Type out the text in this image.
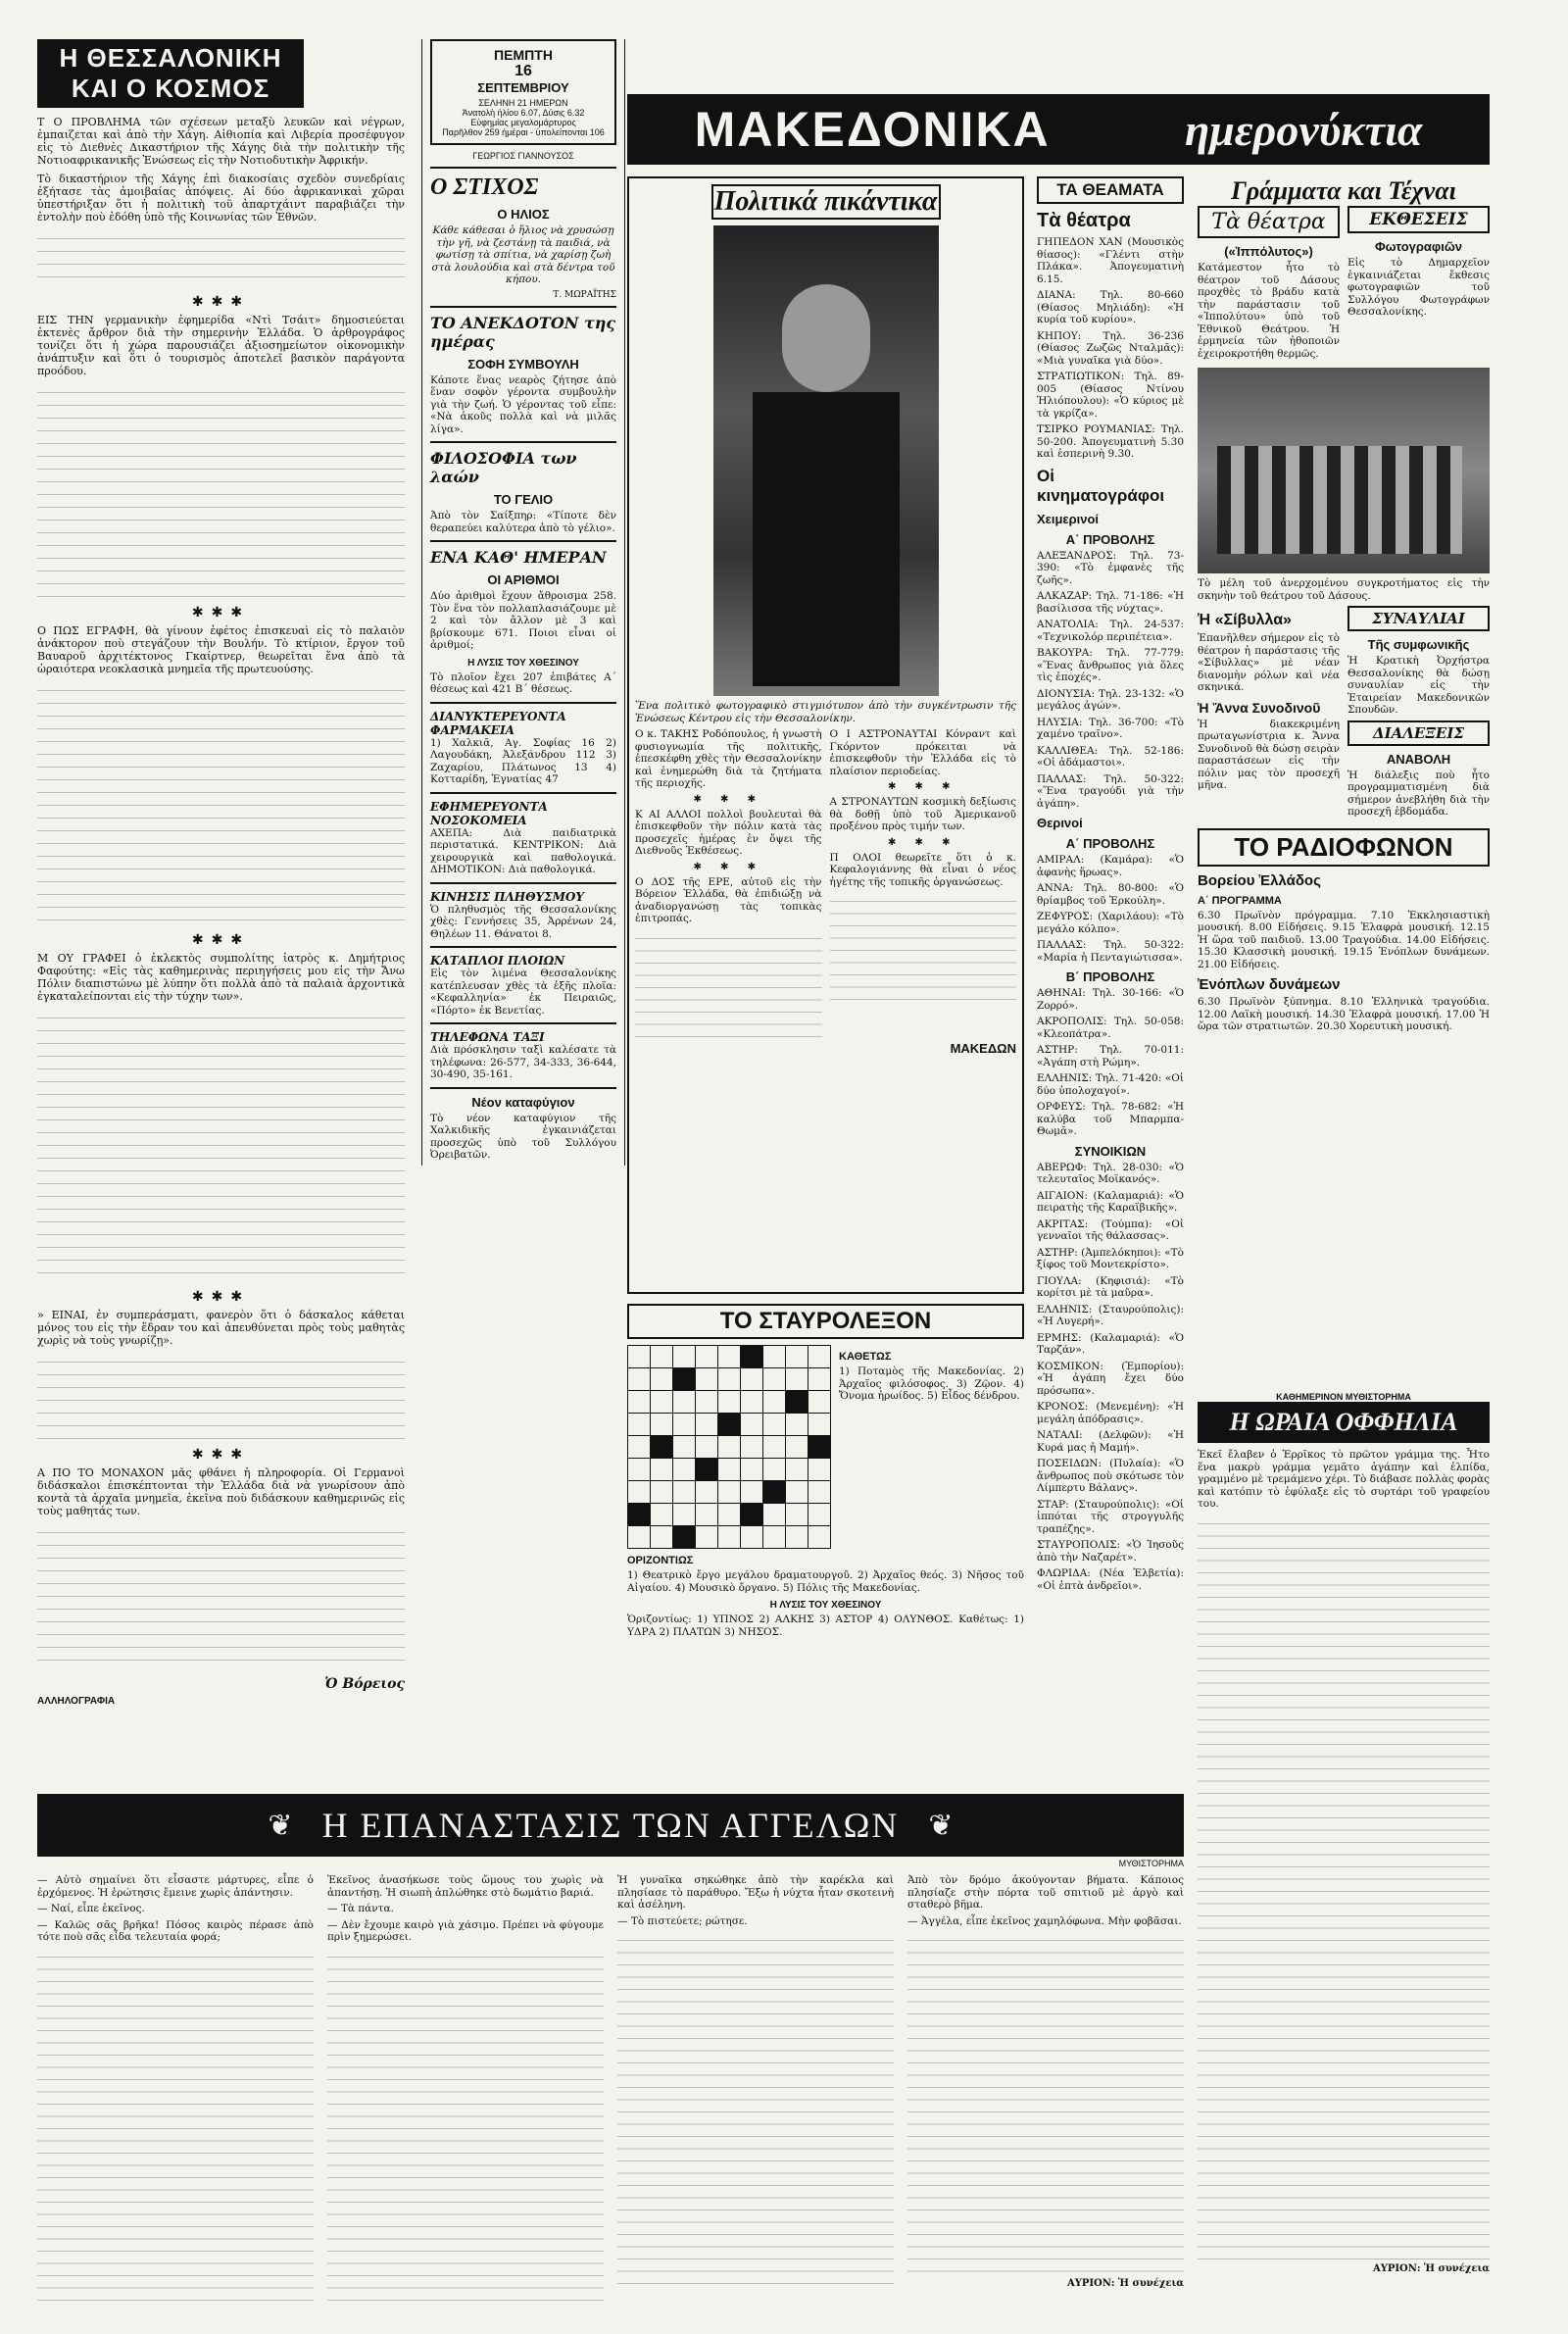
Η ΘΕΣΣΑΛΟΝΙΚΗ
ΚΑΙ Ο ΚΟΣΜΟΣ

Τ Ο ΠΡΟΒΛΗΜΑ τῶν σχέσεων μεταξὺ λευκῶν καὶ νέγρων, ἐμπαιζεται καὶ ἀπὸ τὴν Χάγη. Αἰθιοπία καὶ Λιβερία προσέφυγον εἰς τὸ Διεθνὲς Δικαστήριον τῆς Χάγης διὰ τὴν πολιτικὴν τῆς Νοτιοαφρικανικῆς Ἑνώσεως εἰς τὴν Νοτιοδυτικὴν Ἀφρικήν.

Τὸ δικαστήριον τῆς Χάγης ἐπὶ διακοσίαις σχεδὸν συνεδρίαις ἐξήτασε τὰς ἀμοιβαίας ἀπόψεις. Αἱ δύο ἀφρικανικαὶ χῶραι ὑπεστήριξαν ὅτι ἡ πολιτικὴ τοῦ ἀπαρτχάιντ παραβιάζει τὴν ἐντολὴν ποὺ ἐδόθη ὑπὸ τῆς Κοινωνίας τῶν Ἐθνῶν.

✱✱✱

ΕΙΣ ΤΗΝ γερμανικὴν ἐφημερίδα «Ντὶ Τσάιτ» δημοσιεύεται ἐκτενὲς ἄρθρον διὰ τὴν σημερινὴν Ἑλλάδα. Ὁ ἀρθρογράφος τονίζει ὅτι ἡ χώρα παρουσιάζει ἀξιοσημείωτον οἰκονομικὴν ἀνάπτυξιν καὶ ὅτι ὁ τουρισμὸς ἀποτελεῖ βασικὸν παράγοντα προόδου.

✱✱✱

Ο ΠΩΣ ΕΓΡΑΦΗ, θὰ γίνουν ἐφέτος ἐπισκευαὶ εἰς τὸ παλαιὸν ἀνάκτορον ποὺ στεγάζουν τὴν Βουλήν. Τὸ κτίριον, ἔργον τοῦ Βαυαροῦ ἀρχιτέκτονος Γκαίρτνερ, θεωρεῖται ἕνα ἀπὸ τὰ ὡραιότερα νεοκλασικὰ μνημεῖα τῆς πρωτευούσης.

✱✱✱

Μ ΟΥ ΓΡΑΦΕΙ ὁ ἐκλεκτὸς συμπολίτης ἰατρὸς κ. Δημήτριος Φαφούτης: «Εἰς τὰς καθημερινὰς περιηγήσεις μου εἰς τὴν Ἄνω Πόλιν διαπιστώνω μὲ λύπην ὅτι πολλὰ ἀπὸ τὰ παλαιὰ ἀρχοντικὰ ἐγκαταλείπονται εἰς τὴν τύχην των».

✱✱✱

» ΕΙΝΑΙ, ἐν συμπεράσματι, φανερὸν ὅτι ὁ δάσκαλος κάθεται μόνος του εἰς τὴν ἕδραν του καὶ ἀπευθύνεται πρὸς τοὺς μαθητὰς χωρὶς νὰ τοὺς γνωρίζῃ».

✱✱✱

Α ΠΟ ΤΟ ΜΟΝΑΧΟΝ μᾶς φθάνει ἡ πληροφορία. Οἱ Γερμανοὶ διδάσκαλοι ἐπισκέπτονται τὴν Ἑλλάδα διὰ νὰ γνωρίσουν ἀπὸ κοντὰ τὰ ἀρχαῖα μνημεῖα, ἐκεῖνα ποὺ διδάσκουν καθημερινῶς εἰς τοὺς μαθητάς των.

Ὁ Βόρειος
ΑΛΛΗΛΟΓΡΑΦΙΑ
ΠΕΜΠΤΗ
16
ΣΕΠΤΕΜΒΡΙΟΥ
ΣΕΛΗΝΗ 21 ΗΜΕΡΩΝ
Ἀνατολὴ ἡλίου 6.07, Δύσις 6.32
Εὐφημίας μεγαλομάρτυρος
Παρῆλθον 259 ἡμέραι - ὑπολείπονται 106
ΓΕΩΡΓΙΟΣ ΓΙΑΝΝΟΥΣΟΣ
Ο ΣΤΙΧΟΣ
Ο ΗΛΙΟΣ

Κάθε κάθεσαι ὁ ἥλιος νὰ χρυσώσῃ τὴν γῆ, νὰ ζεστάνῃ τὰ παιδιά, νὰ φωτίσῃ τὰ σπίτια, νὰ χαρίσῃ ζωὴ στὰ λουλούδια καὶ στὰ δέντρα τοῦ κήπου.

Τ. ΜΩΡΑΪΤΗΣ
ΤΟ ΑΝΕΚΔΟΤΟΝ της ημέρας
ΣΟΦΗ ΣΥΜΒΟΥΛΗ

Κάποτε ἕνας νεαρὸς ζήτησε ἀπὸ ἕναν σοφὸν γέροντα συμβουλὴν γιὰ τὴν ζωή. Ὁ γέροντας τοῦ εἶπε: «Νὰ ἀκοῦς πολλὰ καὶ νὰ μιλᾶς λίγα».

ΦΙΛΟΣΟΦΙΑ των λαών
ΤΟ ΓΕΛΙΟ

Ἀπὸ τὸν Σαίξπηρ: «Τίποτε δὲν θεραπεύει καλύτερα ἀπὸ τὸ γέλιο».

ΕΝΑ ΚΑΘ' ΗΜΕΡΑΝ
ΟΙ ΑΡΙΘΜΟΙ

Δύο ἀριθμοὶ ἔχουν ἄθροισμα 258. Τὸν ἕνα τὸν πολλαπλασιάζουμε μὲ 2 καὶ τὸν ἄλλον μὲ 3 καὶ βρίσκουμε 671. Ποιοι εἶναι οἱ ἀριθμοί;

Η ΛΥΣΙΣ ΤΟΥ ΧΘΕΣΙΝΟΥ

Τὸ πλοῖον ἔχει 207 ἐπιβάτες Α΄ θέσεως καὶ 421 Β΄ θέσεως.

ΔΙΑΝΥΚΤΕΡΕΥΟΝΤΑ ΦΑΡΜΑΚΕΙΑ

1) Χαλκιᾶ, Αγ. Σοφίας 16 2) Λαγουδάκη, Ἀλεξάνδρου 112 3) Ζαχαρίου, Πλάτωνος 13 4) Κοτταρίδη, Ἐγνατίας 47

ΕΦΗΜΕΡΕΥΟΝΤΑ ΝΟΣΟΚΟΜΕΙΑ

ΑΧΕΠΑ: Διὰ παιδιατρικὰ περιστατικά. ΚΕΝΤΡΙΚΟΝ: Διὰ χειρουργικὰ καὶ παθολογικά. ΔΗΜΟΤΙΚΟΝ: Διὰ παθολογικά.

ΚΙΝΗΣΙΣ ΠΛΗΘΥΣΜΟΥ

Ὁ πληθυσμὸς τῆς Θεσσαλονίκης χθὲς: Γεννήσεις 35, Ἀρρένων 24, Θηλέων 11. Θάνατοι 8.

ΚΑΤΑΠΛΟΙ ΠΛΟΙΩΝ

Εἰς τὸν λιμένα Θεσσαλονίκης κατέπλευσαν χθὲς τὰ ἑξῆς πλοῖα: «Κεφαλληνία» ἐκ Πειραιῶς, «Πόρτο» ἐκ Βενετίας.

ΤΗΛΕΦΩΝΑ ΤΑΞΙ

Διὰ πρόσκλησιν ταξὶ καλέσατε τὰ τηλέφωνα: 26-577, 34-333, 36-644, 30-490, 35-161.

Νέον καταφύγιον

Τὸ νέον καταφύγιον τῆς Χαλκιδικῆς ἐγκαινιάζεται προσεχῶς ὑπὸ τοῦ Συλλόγου Ὀρειβατῶν.

ΜΑΚΕΔΟΝΙΚΑ	ημερονύκτια
Πολιτικά πικάντικα

Ἕνα πολιτικὸ φωτογραφικὸ στιγμιότυπον ἀπὸ τὴν συγκέντρωσιν τῆς Ἑνώσεως Κέντρου εἰς τὴν Θεσσαλονίκην.

Ο κ. ΤΑΚΗΣ Ροδόπουλος, ἡ γνωστὴ φυσιογνωμία τῆς πολιτικῆς, ἐπεσκέφθη χθὲς τὴν Θεσσαλονίκην καὶ ἐνημερώθη διὰ τὰ ζητήματα τῆς περιοχῆς.

✱ ✱ ✱

Κ ΑΙ ΑΛΛΟΙ πολλοὶ βουλευταὶ θὰ ἐπισκεφθοῦν τὴν πόλιν κατὰ τὰς προσεχεῖς ἡμέρας ἐν ὄψει τῆς Διεθνοῦς Ἐκθέσεως.

✱ ✱ ✱

Ο ΔΟΣ τῆς ΕΡΕ, αὐτοῦ εἰς τὴν Βόρειον Ἑλλάδα, θὰ ἐπιδιώξῃ νὰ ἀναδιοργανώσῃ τὰς τοπικὰς ἐπιτροπάς.

Ο Ι ΑΣΤΡΟΝΑΥΤΑΙ Κόνραντ καὶ Γκόρντον πρόκειται νὰ ἐπισκεφθοῦν τὴν Ἑλλάδα εἰς τὸ πλαίσιον περιοδείας.

✱ ✱ ✱

Α ΣΤΡΟΝΑΥΤΩΝ κοσμικὴ δεξίωσις θὰ δοθῇ ὑπὸ τοῦ Ἀμερικανοῦ προξένου πρὸς τιμήν των.

✱ ✱ ✱

Π ΟΛΟΙ θεωρεῖτε ὅτι ὁ κ. Κεφαλογιάννης θὰ εἶναι ὁ νέος ἡγέτης τῆς τοπικῆς ὀργανώσεως.

ΜΑΚΕΔΩΝ
ΤΟ ΣΤΑΥΡΟΛΕΞΟΝ

ΚΑΘΕΤΩΣ

1) Ποταμὸς τῆς Μακεδονίας. 2) Ἀρχαῖος φιλόσοφος. 3) Ζῷον. 4) Ὄνομα ἡρωίδος. 5) Εἶδος δένδρου.

ΟΡΙΖΟΝΤΙΩΣ

1) Θεατρικὸ ἔργο μεγάλου δραματουργοῦ. 2) Ἀρχαῖος θεός. 3) Νῆσος τοῦ Αἰγαίου. 4) Μουσικὸ ὄργανο. 5) Πόλις τῆς Μακεδονίας.

Η ΛΥΣΙΣ ΤΟΥ ΧΘΕΣΙΝΟΥ

Ὁριζοντίως: 1) ΥΠΝΟΣ 2) ΑΛΚΗΣ 3) ΑΣΤΟΡ 4) ΟΛΥΝΘΟΣ. Καθέτως: 1) ΥΔΡΑ 2) ΠΛΑΤΩΝ 3) ΝΗΣΟΣ.

ΤΑ ΘΕΑΜΑΤΑ
Τὰ θέατρα

ΓΗΠΕΔΟΝ ΧΑΝ (Μουσικὸς θίασος): «Γλέντι στὴν Πλάκα». Ἀπογευματινὴ 6.15.

ΔΙΑΝΑ: Τηλ. 80-660 (Θίασος Μηλιάδη): «Ἡ κυρία τοῦ κυρίου».

ΚΗΠΟΥ: Τηλ. 36-236 (Θίασος Ζωζῶς Νταλμᾶς): «Μιὰ γυναῖκα γιὰ δύο».

ΣΤΡΑΤΙΩΤΙΚΟΝ: Τηλ. 89-005 (Θίασος Ντίνου Ἠλιόπουλου): «Ὁ κύριος μὲ τὰ γκρίζα».

ΤΣΙΡΚΟ ΡΟΥΜΑΝΙΑΣ: Τηλ. 50-200. Ἀπογευματινὴ 5.30 καὶ ἑσπερινὴ 9.30.

Οἱ κινηματογράφοι
Χειμερινοί
Α΄ ΠΡΟΒΟΛΗΣ

ΑΛΕΞΑΝΔΡΟΣ: Τηλ. 73-390: «Τὸ ἐμφανὲς τῆς ζωῆς».

ΑΛΚΑΖΑΡ: Τηλ. 71-186: «Ἡ βασίλισσα τῆς νύχτας».

ΑΝΑΤΟΛΙΑ: Τηλ. 24-537: «Τεχνικολόρ περιπέτεια».

ΒΑΚΟΥΡΑ: Τηλ. 77-779: «Ἕνας ἄνθρωπος γιὰ ὅλες τὶς ἐποχές».

ΔΙΟΝΥΣΙΑ: Τηλ. 23-132: «Ὁ μεγάλος ἀγών».

ΗΛΥΣΙΑ: Τηλ. 36-700: «Τὸ χαμένο τραῖνο».

ΚΑΛΛΙΘΕΑ: Τηλ. 52-186: «Οἱ ἀδάμαστοι».

ΠΑΛΛΑΣ: Τηλ. 50-322: «Ἕνα τραγούδι γιὰ τὴν ἀγάπη».

Θερινοί
Α΄ ΠΡΟΒΟΛΗΣ

ΑΜΙΡΑΛ: (Καμάρα): «Ὁ ἀφανὴς ἥρωας».

ΑΝΝΑ: Τηλ. 80-800: «Ὁ θρίαμβος τοῦ Ἑρκούλη».

ΖΕΦΥΡΟΣ: (Χαριλάου): «Τὸ μεγάλο κόλπο».

ΠΑΛΛΑΣ: Τηλ. 50-322: «Μαρία ἡ Πενταγιώτισσα».

Β΄ ΠΡΟΒΟΛΗΣ

ΑΘΗΝΑΙ: Τηλ. 30-166: «Ὁ Ζορρό».

ΑΚΡΟΠΟΛΙΣ: Τηλ. 50-058: «Κλεοπάτρα».

ΑΣΤΗΡ: Τηλ. 70-011: «Ἀγάπη στὴ Ρώμη».

ΕΛΛΗΝΙΣ: Τηλ. 71-420: «Οἱ δύο ὑπολοχαγοί».

ΟΡΦΕΥΣ: Τηλ. 78-682: «Ἡ καλύβα τοῦ Μπαρμπα-Θωμᾶ».

ΣΥΝΟΙΚΙΩΝ

ΑΒΕΡΩΦ: Τηλ. 28-030: «Ὁ τελευταῖος Μοϊκανός».

ΑΙΓΑΙΟΝ: (Καλαμαριά): «Ὁ πειρατὴς τῆς Καραϊβικῆς».

ΑΚΡΙΤΑΣ: (Τούμπα): «Οἱ γενναῖοι τῆς θάλασσας».

ΑΣΤΗΡ: (Ἀμπελόκηποι): «Τὸ ξίφος τοῦ Μοντεκρίστο».

ΓΙΟΥΛΑ: (Κηφισιά): «Τὸ κορίτσι μὲ τὰ μαῦρα».

ΕΛΛΗΝΙΣ: (Σταυρούπολις): «Ἡ Λυγερή».

ΕΡΜΗΣ: (Καλαμαριά): «Ὁ Ταρζάν».

ΚΟΣΜΙΚΟΝ: (Ἐμπορίου): «Ἡ ἀγάπη ἔχει δύο πρόσωπα».

ΚΡΟΝΟΣ: (Μενεμένη): «Ἡ μεγάλη ἀπόδρασις».

ΝΑΤΑΛΙ: (Δελφῶν): «Ἡ Κυρά μας ἡ Μαμή».

ΠΟΣΕΙΔΩΝ: (Πυλαία): «Ὁ ἄνθρωπος ποὺ σκότωσε τὸν Λίμπερτυ Βάλανς».

ΣΤΑΡ: (Σταυρούπολις): «Οἱ ἱππόται τῆς στρογγυλῆς τραπέζης».

ΣΤΑΥΡΟΠΟΛΙΣ: «Ὁ Ἰησοῦς ἀπὸ τὴν Ναζαρέτ».

ΦΛΩΡΙΔΑ: (Νέα Ἐλβετία): «Οἱ ἐπτὰ ἀνδρεῖοι».

Γράμματα και Τέχναι
Τὰ θέατρα
(«Ἱππόλυτος»)

Κατάμεστον ἦτο τὸ θέατρον τοῦ Δάσους προχθὲς τὸ βράδυ κατὰ τὴν παράστασιν τοῦ «Ἱππολύτου» ὑπὸ τοῦ Ἐθνικοῦ Θεάτρου. Ἡ ἐρμηνεία τῶν ἠθοποιῶν ἐχειροκροτήθη θερμῶς.

ΕΚΘΕΣΕΙΣ
Φωτογραφιῶν

Εἰς τὸ Δημαρχεῖον ἐγκαινιάζεται ἔκθεσις φωτογραφιῶν τοῦ Συλλόγου Φωτογράφων Θεσσαλονίκης.

Τὸ μέλη τοῦ ἀνερχομένου συγκροτήματος εἰς τὴν σκηνὴν τοῦ θεάτρου τοῦ Δάσους.

Ἡ «Σίβυλλα»

Ἐπανῆλθεν σήμερον εἰς τὸ θέατρον ἡ παράστασις τῆς «Σίβυλλας» μὲ νέαν διανομὴν ρόλων καὶ νέα σκηνικά.

Ἡ Ἄννα Συνοδινοῦ

Ἡ διακεκριμένη πρωταγωνίστρια κ. Ἄννα Συνοδινοῦ θὰ δώσῃ σειρὰν παραστάσεων εἰς τὴν πόλιν μας τὸν προσεχῆ μῆνα.

ΣΥΝΑΥΛΙΑΙ
Τῆς συμφωνικῆς

Ἡ Κρατικὴ Ὀρχήστρα Θεσσαλονίκης θὰ δώσῃ συναυλίαν εἰς τὴν Ἑταιρείαν Μακεδονικῶν Σπουδῶν.

ΔΙΑΛΕΞΕΙΣ
ΑΝΑΒΟΛΗ

Ἡ διάλεξις ποὺ ἦτο προγραμματισμένη διὰ σήμερον ἀνεβλήθη διὰ τὴν προσεχῆ ἑβδομάδα.

ΤΟ ΡΑΔΙΟΦΩΝΟΝ
Βορείου Ἑλλάδος
Α΄ ΠΡΟΓΡΑΜΜΑ

6.30 Πρωϊνὸν πρόγραμμα. 7.10 Ἐκκλησιαστικὴ μουσική. 8.00 Εἰδήσεις. 9.15 Ἐλαφρὰ μουσική. 12.15 Ἡ ὥρα τοῦ παιδιοῦ. 13.00 Τραγούδια. 14.00 Εἰδήσεις. 15.30 Κλασσικὴ μουσική. 19.15 Ἐνόπλων δυνάμεων. 21.00 Εἰδήσεις.

Ἐνόπλων δυνάμεων

6.30 Πρωϊνὸν ξύπνημα. 8.10 Ἑλληνικὰ τραγούδια. 12.00 Λαϊκὴ μουσική. 14.30 Ἐλαφρὰ μουσική. 17.00 Ἡ ὥρα τῶν στρατιωτῶν. 20.30 Χορευτικὴ μουσική.

ΚΑΘΗΜΕΡΙΝΟΝ ΜΥΘΙΣΤΟΡΗΜΑ
Η ΩΡΑΙΑ ΟΦΦΗΛΙΑ

Ἐκεῖ ἔλαβεν ὁ Ἐρρῖκος τὸ πρῶτον γράμμα της. Ἦτο ἕνα μακρὺ γράμμα γεμᾶτο ἀγάπην καὶ ἐλπίδα, γραμμένο μὲ τρεμάμενο χέρι. Τὸ διάβασε πολλὰς φορὰς καὶ κατόπιν τὸ ἐφύλαξε εἰς τὸ συρτάρι τοῦ γραφείου του.

ΑΥΡΙΟΝ: Ἡ συνέχεια
❦ Η ΕΠΑΝΑΣΤΑΣΙΣ ΤΩΝ ΑΓΓΕΛΩΝ ❦
ΜΥΘΙΣΤΟΡΗΜΑ

— Αὐτὸ σημαίνει ὅτι εἶσαστε μάρτυρες, εἶπε ὁ ἐρχόμενος. Ἡ ἐρώτησις ἔμεινε χωρὶς ἀπάντησιν.

— Ναί, εἶπε ἐκεῖνος.

— Καλῶς σᾶς βρῆκα! Πόσος καιρὸς πέρασε ἀπὸ τότε ποὺ σᾶς εἶδα τελευταία φορά;

Ἐκεῖνος ἀνασήκωσε τοὺς ὤμους του χωρὶς νὰ ἀπαντήσῃ. Ἡ σιωπὴ ἀπλώθηκε στὸ δωμάτιο βαριά.

— Τὰ πάντα.

— Δὲν ἔχουμε καιρὸ γιὰ χάσιμο. Πρέπει νὰ φύγουμε πρὶν ξημερώσει.

Ἡ γυναῖκα σηκώθηκε ἀπὸ τὴν καρέκλα καὶ πλησίασε τὸ παράθυρο. Ἔξω ἡ νύχτα ἦταν σκοτεινὴ καὶ ἀσέληνη.

— Τὸ πιστεύετε; ρώτησε.

Ἀπὸ τὸν δρόμο ἀκούγονταν βήματα. Κάποιος πλησίαζε στὴν πόρτα τοῦ σπιτιοῦ μὲ ἀργὸ καὶ σταθερὸ βῆμα.

— Ἀγγέλα, εἶπε ἐκεῖνος χαμηλόφωνα. Μὴν φοβᾶσαι.

ΑΥΡΙΟΝ: Ἡ συνέχεια
